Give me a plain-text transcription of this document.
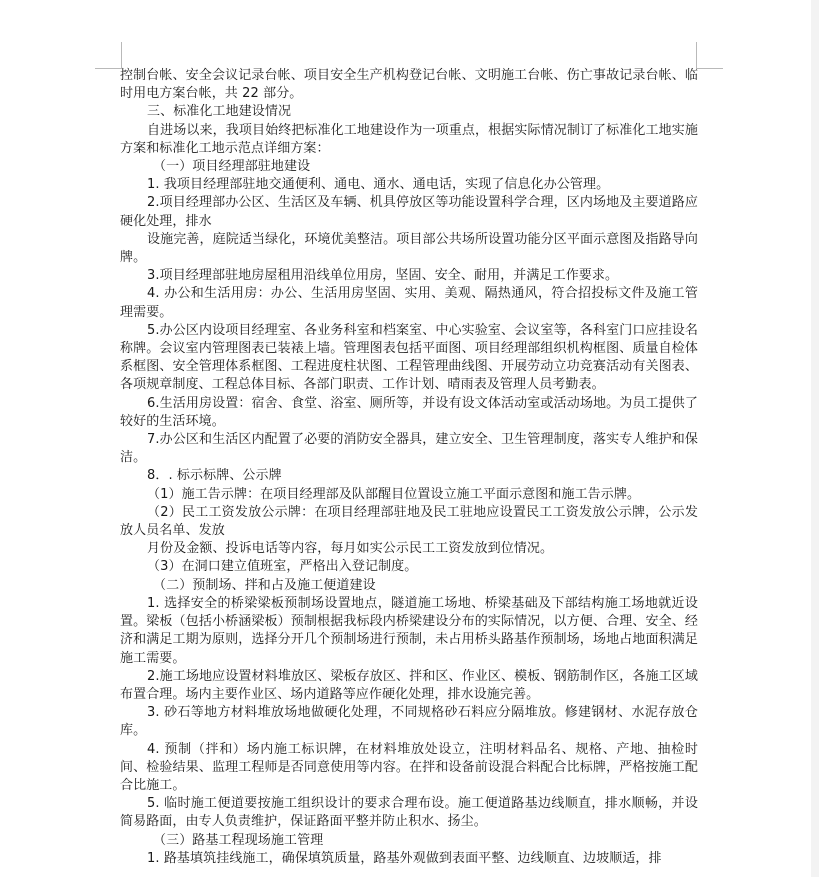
控制台帐、安全会议记录台帐、项目安全生产机构登记台帐、文明施工台帐、伤亡事故记录台帐、临时用电方案台帐，共 22 部分。

三、标准化工地建设情况

自进场以来，我项目始终把标准化工地建设作为一项重点，根据实际情况制订了标准化工地实施方案和标准化工地示范点详细方案：

（一）项目经理部驻地建设

1. 我项目经理部驻地交通便利、通电、通水、通电话，实现了信息化办公管理。

2.项目经理部办公区、生活区及车辆、机具停放区等功能设置科学合理，区内场地及主要道路应硬化处理，排水

设施完善，庭院适当绿化，环境优美整洁。项目部公共场所设置功能分区平面示意图及指路导向牌。

3.项目经理部驻地房屋租用沿线单位用房，坚固、安全、耐用，并满足工作要求。

4. 办公和生活用房：办公、生活用房坚固、实用、美观、隔热通风，符合招投标文件及施工管理需要。

5.办公区内设项目经理室、各业务科室和档案室、中心实验室、会议室等，各科室门口应挂设名称牌。会议室内管理图表已装裱上墙。管理图表包括平面图、项目经理部组织机构框图、质量自检体系框图、安全管理体系框图、工程进度柱状图、工程管理曲线图、开展劳动立功竞赛活动有关图表、各项规章制度、工程总体目标、各部门职责、工作计划、晴雨表及管理人员考勤表。

6.生活用房设置：宿舍、食堂、浴室、厕所等，并设有设文体活动室或活动场地。为员工提供了较好的生活环境。

7.办公区和生活区内配置了必要的消防安全器具，建立安全、卫生管理制度，落实专人维护和保洁。

8．. 标示标牌、公示牌

（1）施工告示牌：在项目经理部及队部醒目位置设立施工平面示意图和施工告示牌。

（2）民工工资发放公示牌：在项目经理部驻地及民工驻地应设置民工工资发放公示牌，公示发放人员名单、发放

月份及金额、投诉电话等内容，每月如实公示民工工资发放到位情况。

（3）在洞口建立值班室，严格出入登记制度。

（二）预制场、拌和占及施工便道建设

1. 选择安全的桥梁梁板预制场设置地点，隧道施工场地、桥梁基础及下部结构施工场地就近设置。梁板（包括小桥涵梁板）预制根据我标段内桥梁建设分布的实际情况，以方便、合理、安全、经济和满足工期为原则，选择分开几个预制场进行预制，未占用桥头路基作预制场，场地占地面积满足施工需要。

2.施工场地应设置材料堆放区、梁板存放区、拌和区、作业区、模板、钢筋制作区，各施工区域布置合理。场内主要作业区、场内道路等应作硬化处理，排水设施完善。

3. 砂石等地方材料堆放场地做硬化处理，不同规格砂石料应分隔堆放。修建钢材、水泥存放仓库。

4. 预制（拌和）场内施工标识牌，在材料堆放处设立，注明材料品名、规格、产地、抽检时间、检验结果、监理工程师是否同意使用等内容。在拌和设备前设混合料配合比标牌，严格按施工配合比施工。

5. 临时施工便道要按施工组织设计的要求合理布设。施工便道路基边线顺直，排水顺畅，并设简易路面，由专人负责维护，保证路面平整并防止积水、扬尘。

（三）路基工程现场施工管理

1. 路基填筑挂线施工，确保填筑质量，路基外观做到表面平整、边线顺直、边坡顺适，排
